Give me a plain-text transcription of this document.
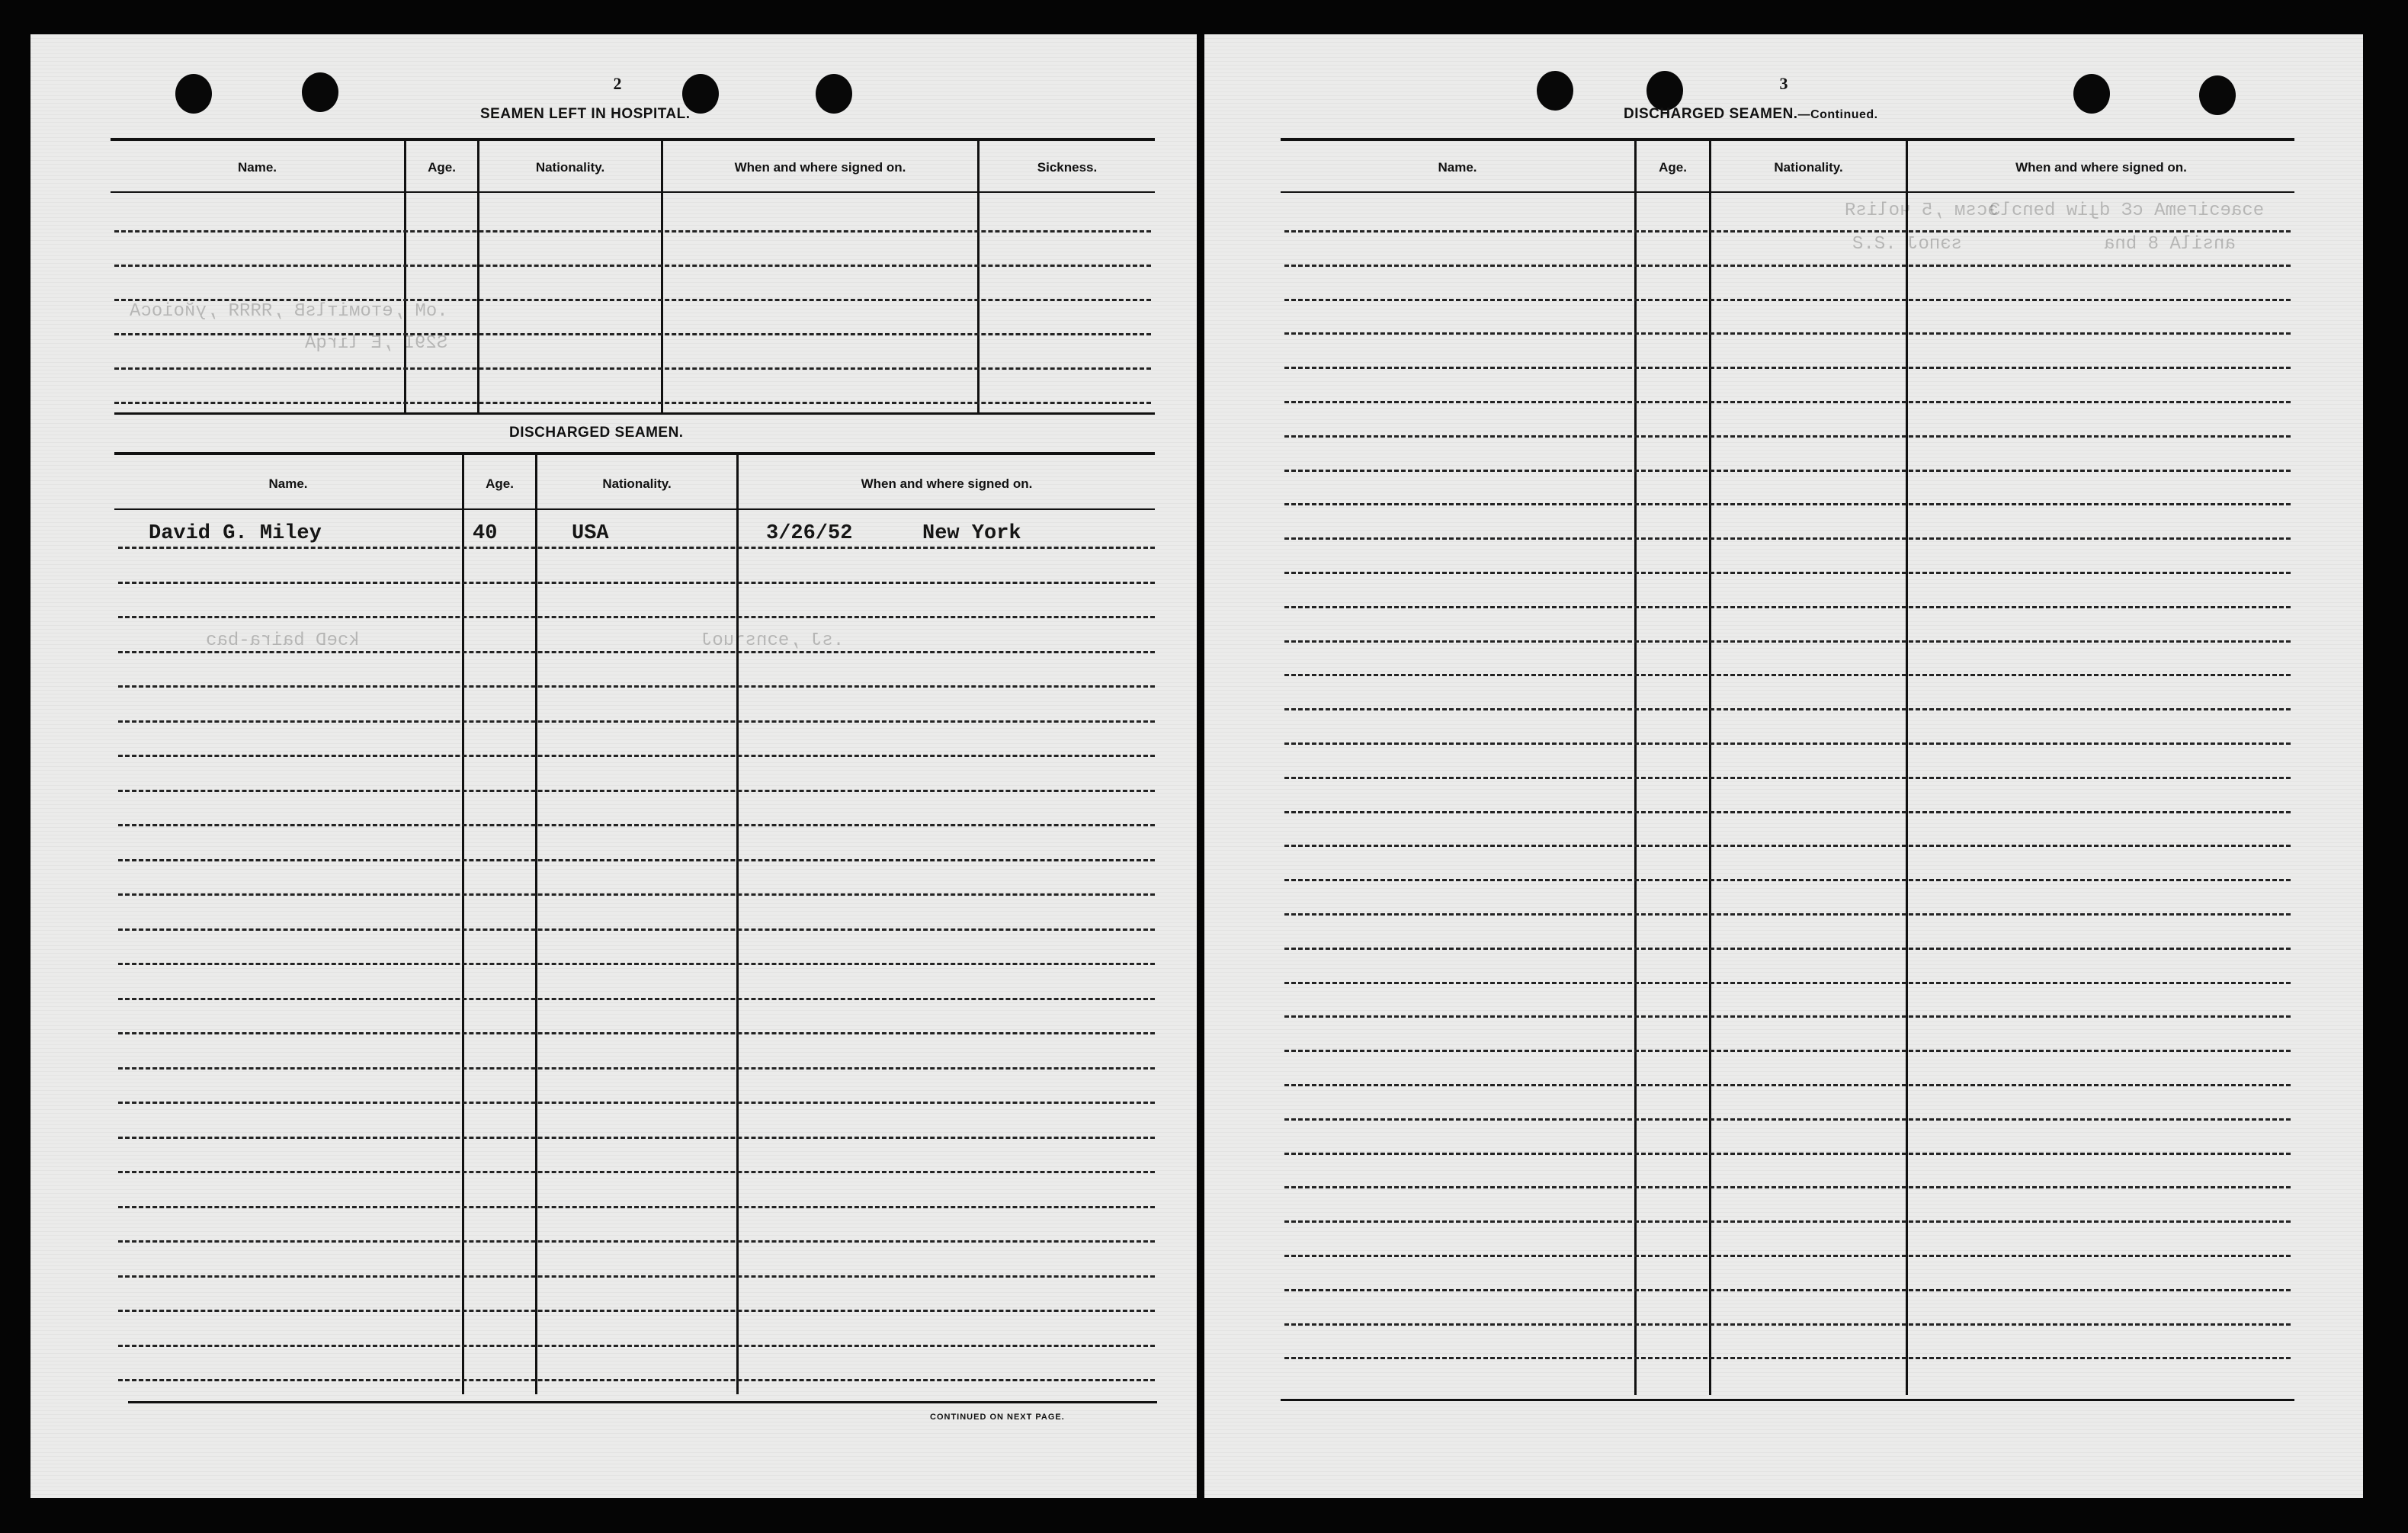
2
SEAMEN LEFT IN HOSPITAL.
Name.	Age.	Nationality.	When and where signed on.	Sickness.
.oM ,eтомiтlsB ,ЯЯЯЯ ,уйoiосА
S29I ,E lirqA
DISCHARGED SEAMEN.
Name.	Age.	Nationality.	When and where signed on.
David G. Miley	40	USA	3/26/52	New York
kɔeD baira-baɔ	.sJ ,ɘɔnsɿuoJ
CONTINUED ON NEXT PAGE.
3
DISCHARGED SEAMEN.—Continued.
Name.	Age.	Nationality.	When and where signed on.
эсsм ,5 чоlisЯ
sэпoJ .Ƨ.Ƨ
ɘɔaeɔiгɘmA cƐ dɟiw bɘnɔlƆ
ansilA 8 bna
